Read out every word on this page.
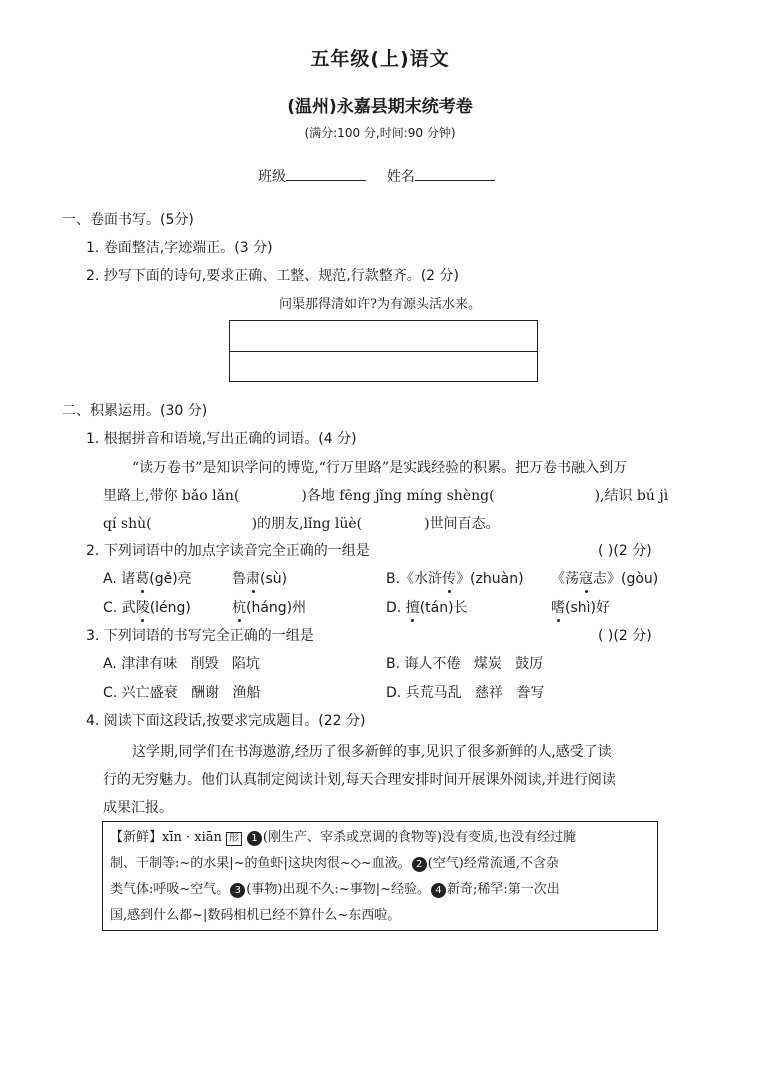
五年级(上)语文
(温州)永嘉县期末统考卷
(满分:100 分,时间:90 分钟)
班级	姓名
一、卷面书写。(5分)
1. 卷面整洁,字迹端正。(3 分)
2. 抄写下面的诗句,要求正确、工整、规范,行款整齐。(2 分)
问渠那得清如许?为有源头活水来。
二、积累运用。(30 分)
1. 根据拼音和语境,写出正确的词语。(4 分)
“读万卷书”是知识学问的博览,“行万里路”是实践经验的积累。把万卷书融入到万
里路上,带你 bǎo lǎn(	)各地 fēng jǐng míng shèng(	),结识 bú jì
qí shù(	)的朋友,lǐng lüè(	)世间百态。
2. 下列词语中的加点字读音完全正确的一组是	( )(2 分)
A. 诸葛(gě)亮	鲁肃(sù)	B.《水浒传》(zhuàn) 《荡寇志》(gòu)
C. 武陵(léng)	杭(háng)州	D. 擅(tán)长	嗜(shì)好
3. 下列词语的书写完全正确的一组是	( )(2 分)
A. 津津有味   削毁   陷坑	B. 诲人不倦   煤炭   鼓厉
C. 兴亡盛衰   酬谢   渔船	D. 兵荒马乱   慈祥   誊写
4. 阅读下面这段话,按要求完成题目。(22 分)
这学期,同学们在书海遨游,经历了很多新鲜的事,见识了很多新鲜的人,感受了读
行的无穷魅力。他们认真制定阅读计划,每天合理安排时间开展课外阅读,并进行阅读
成果汇报。
【新鲜】xīn · xiān 形 1 (刚生产、宰杀或烹调的食物等)没有变质,也没有经过腌
制、干制等:~的水果|~的鱼虾|这块肉很~◇~血液。 2 (空气)经常流通,不含杂
类气体:呼吸~空气。 3 (事物)出现不久:~事物|~经验。 4 新奇;稀罕:第一次出
国,感到什么都~|数码相机已经不算什么~东西啦。
